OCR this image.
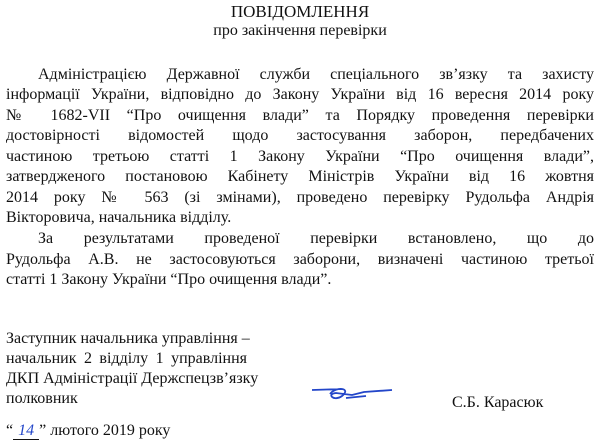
ПОВІДОМЛЕННЯ
про закінчення перевірки
Адміністрацією Державної служби спеціального зв’язку та захисту
інформації України, відповідно до Закону України від 16 вересня 2014 року
№ 1682-VII “Про очищення влади” та Порядку проведення перевірки
достовірності відомостей щодо застосування заборон, передбачених
частиною третьою статті 1 Закону України “Про очищення влади”,
затвердженого постановою Кабінету Міністрів України від 16 жовтня
2014 року № 563 (зі змінами), проведено перевірку Рудольфа Андрія
Вікторовича, начальника відділу.
За результатами проведеної перевірки встановлено, що до
Рудольфа А.В. не застосовуються заборони, визначені частиною третьої
статті 1 Закону України “Про очищення влади”.
Заступник начальника управління –
начальник 2 відділу 1 управління
ДКП Адміністрації Держспецзв’язку
полковник	С.Б. Карасюк
“ 14 ” лютого 2019 року
